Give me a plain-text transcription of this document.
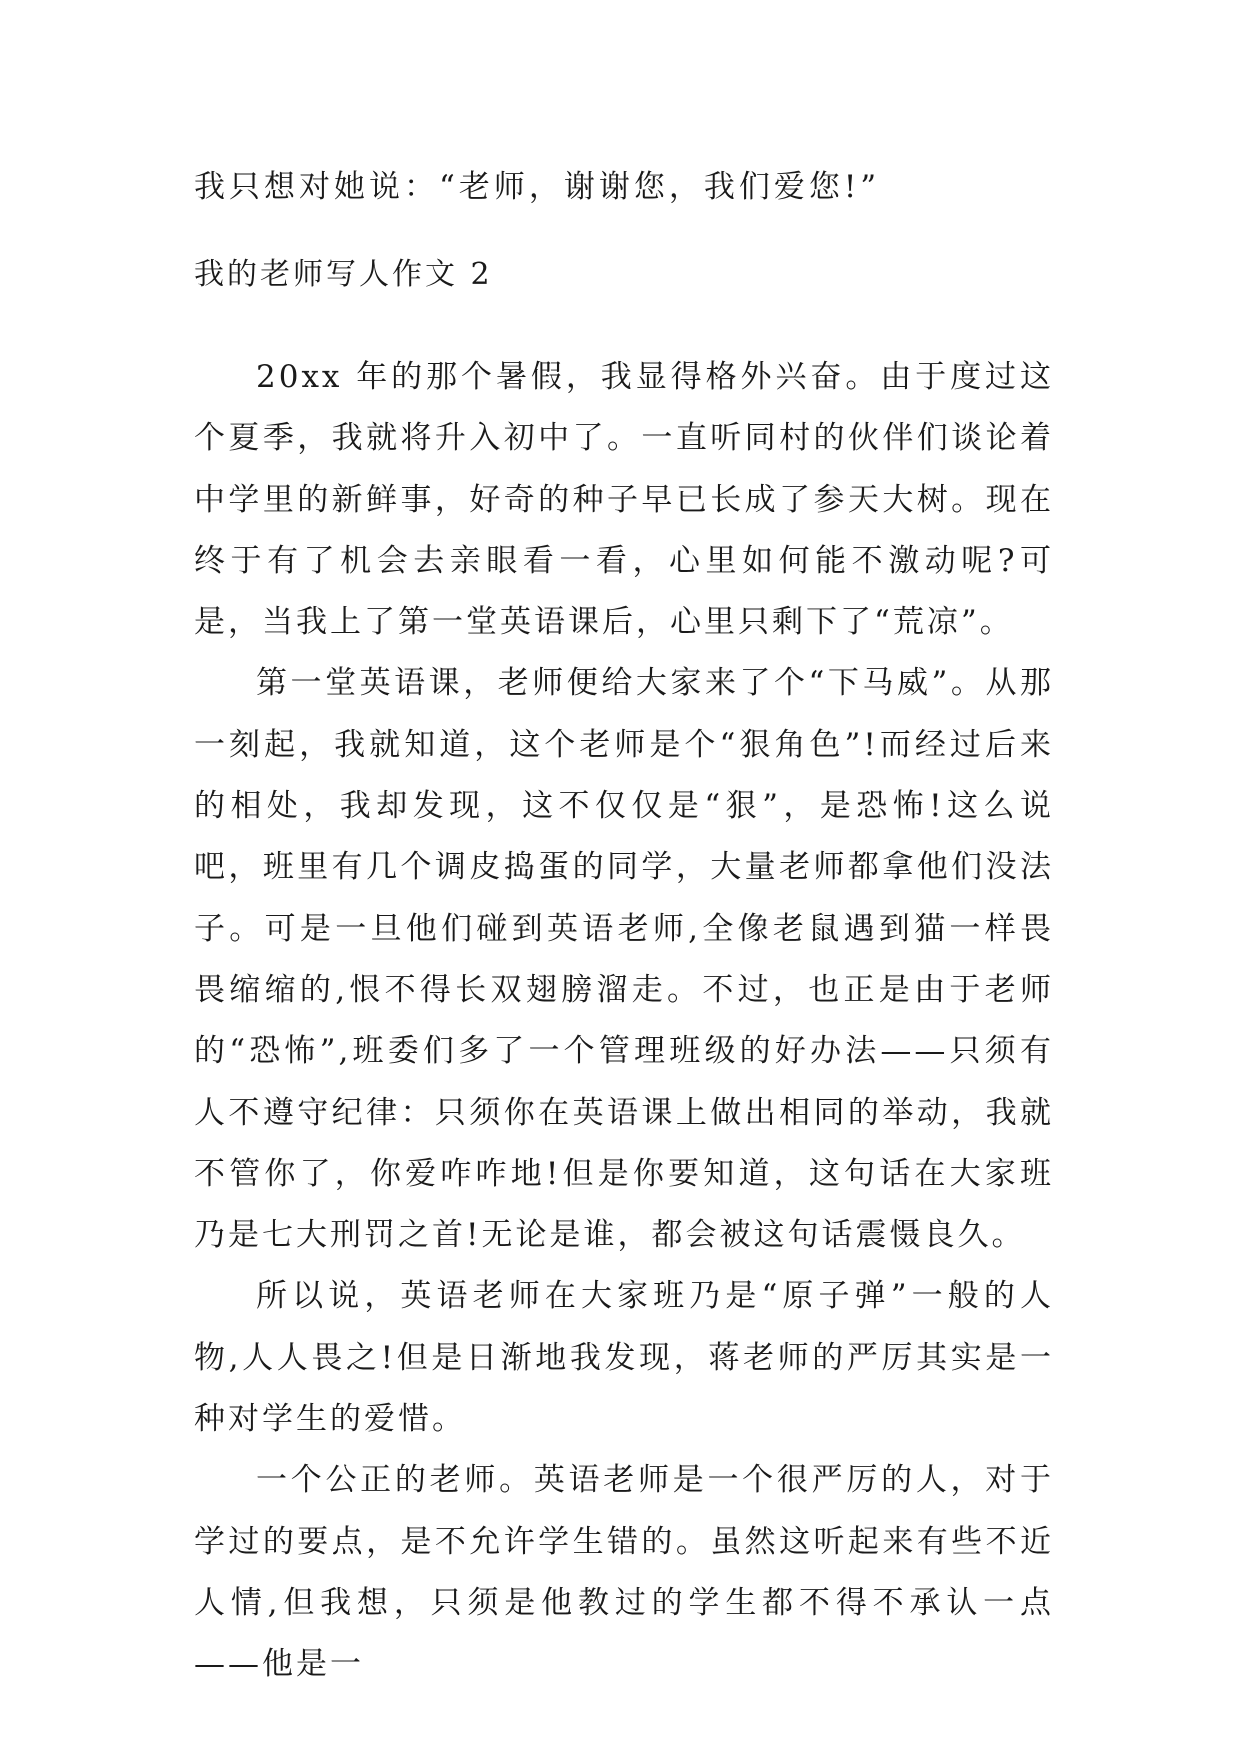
我只想对她说：“老师，谢谢您，我们爱您!”
我的老师写人作文 2

20xx 年的那个暑假，我显得格外兴奋。由于度过这个夏季，我就将升入初中了。一直听同村的伙伴们谈论着中学里的新鲜事，好奇的种子早已长成了参天大树。现在终于有了机会去亲眼看一看，心里如何能不激动呢?可是，当我上了第一堂英语课后，心里只剩下了“荒凉”。

第一堂英语课，老师便给大家来了个“下马威”。从那一刻起，我就知道，这个老师是个“狠角色”!而经过后来的相处，我却发现，这不仅仅是“狠”，是恐怖!这么说吧，班里有几个调皮捣蛋的同学，大量老师都拿他们没法子。可是一旦他们碰到英语老师,全像老鼠遇到猫一样畏畏缩缩的,恨不得长双翅膀溜走。不过，也正是由于老师的“恐怖”,班委们多了一个管理班级的好办法——只须有人不遵守纪律：只须你在英语课上做出相同的举动，我就不管你了，你爱咋咋地!但是你要知道，这句话在大家班乃是七大刑罚之首!无论是谁，都会被这句话震慑良久。

所以说，英语老师在大家班乃是“原子弹”一般的人物,人人畏之!但是日渐地我发现，蒋老师的严厉其实是一种对学生的爱惜。

一个公正的老师。英语老师是一个很严厉的人，对于学过的要点，是不允许学生错的。虽然这听起来有些不近人情,但我想，只须是他教过的学生都不得不承认一点——他是一
